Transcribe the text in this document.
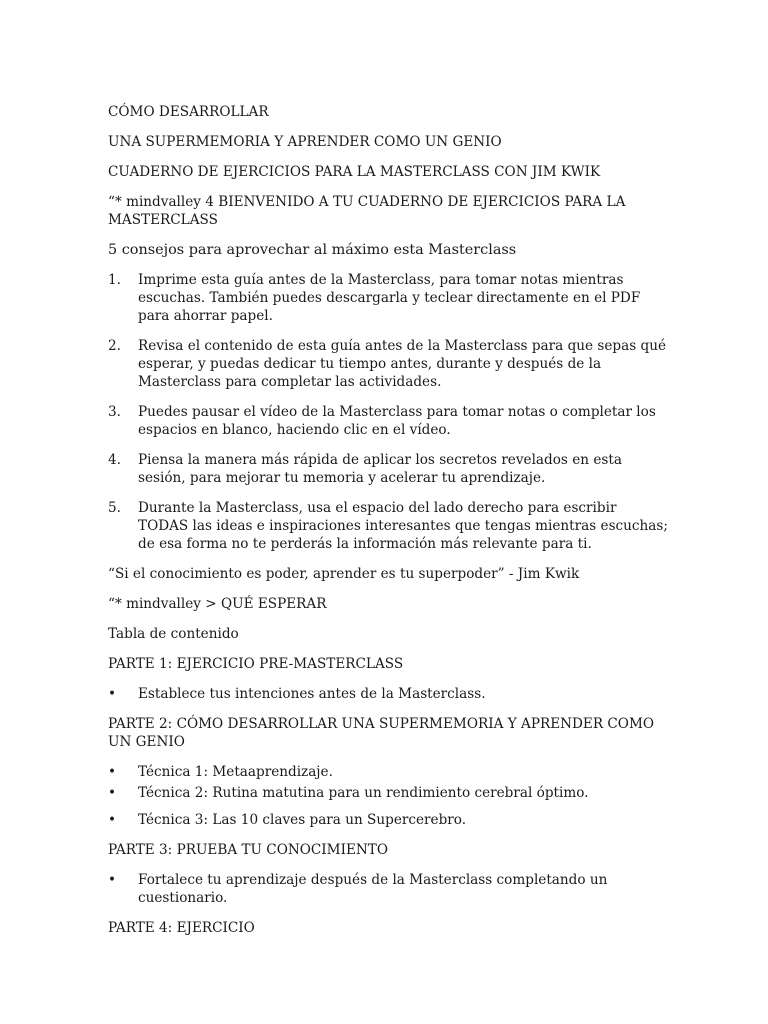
CÓMO DESARROLLAR

UNA SUPERMEMORIA Y APRENDER COMO UN GENIO

CUADERNO DE EJERCICIOS PARA LA MASTERCLASS CON JIM KWIK

“* mindvalley 4 BIENVENIDO A TU CUADERNO DE EJERCICIOS PARA LA MASTERCLASS

5 consejos para aprovechar al máximo esta Masterclass

1. Imprime esta guía antes de la Masterclass, para tomar notas mientras escuchas. También puedes descargarla y teclear directamente en el PDF para ahorrar papel.
2. Revisa el contenido de esta guía antes de la Masterclass para que sepas qué esperar, y puedas dedicar tu tiempo antes, durante y después de la Masterclass para completar las actividades.
3. Puedes pausar el vídeo de la Masterclass para tomar notas o completar los espacios en blanco, haciendo clic en el vídeo.
4. Piensa la manera más rápida de aplicar los secretos revelados en esta sesión, para mejorar tu memoria y acelerar tu aprendizaje.
5. Durante la Masterclass, usa el espacio del lado derecho para escribir TODAS las ideas e inspiraciones interesantes que tengas mientras escuchas; de esa forma no te perderás la información más relevante para ti.

“Si el conocimiento es poder, aprender es tu superpoder” - Jim Kwik

“* mindvalley > QUÉ ESPERAR

Tabla de contenido

PARTE 1: EJERCICIO PRE-MASTERCLASS

• Establece tus intenciones antes de la Masterclass.

PARTE 2: CÓMO DESARROLLAR UNA SUPERMEMORIA Y APRENDER COMO UN GENIO

• Técnica 1: Metaaprendizaje.
• Técnica 2: Rutina matutina para un rendimiento cerebral óptimo.
• Técnica 3: Las 10 claves para un Supercerebro.

PARTE 3: PRUEBA TU CONOCIMIENTO

• Fortalece tu aprendizaje después de la Masterclass completando un cuestionario.

PARTE 4: EJERCICIO
